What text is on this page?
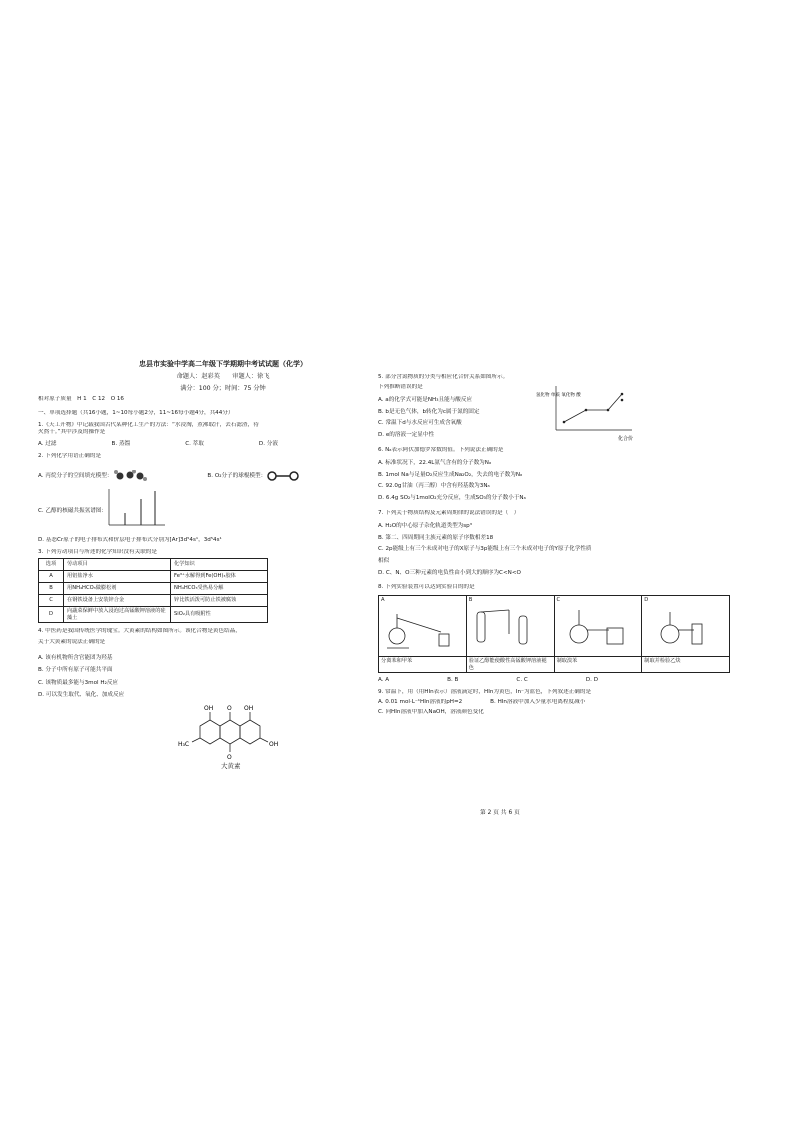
忠县市实验中学高二年级下学期期中考试试题（化学）
命题人：赵彩英　　审题人：徐飞
满分：100 分；时间：75 分钟
相对原子质量　H 1　C 12　O 16
一、单项选择题（共16小题，1~10每小题2分，11~16每小题4分，共44分）
1.《天工开物》中记载我国古代某种化工生产的方法：“水浸淘，煮沸取汁，去石滤渣，待
火熬干。”其中涉及的操作是
A. 过滤	B. 蒸馏	C. 萃取	D. 分液
2. 下列化学用语正确的是
A. 丙烷分子的空间填充模型：	B. O₂分子的球棍模型：
C. 乙醇的核磁共振氢谱图：
D. 基态Cr原子的电子排布式和价层电子排布式分别为[Ar]3d⁵4s¹，3d⁵4s¹
3. 下列劳动项目与所述的化学知识没有关联的是
选项	劳动项目	化学知识
A	用铝盐净水	Fe³⁺水解得到Fe(OH)₃胶体
B	用NH₄HCO₃做膨松剂	NH₄HCO₃受热易分解
C	在钢铁设备上安装锌合金	锌比铁活泼可防止铁被腐蚀
D	向蔬菜保鲜中放入浸泡过高锰酸钾溶液的硅藻土	SiO₂具有吸附性
4. 中医药是我国传统医学的瑰宝。大黄素的结构如图所示。该化合物是黄色结晶，
关于大黄素的说法正确的是
A. 该有机物所含官能团为羟基
B. 分子中所有原子可能共平面
C. 该物质最多能与3mol H₂反应
D. 可以发生取代、氧化、加成反应
OH O OH
H₃C	OH
O
大黄素
5. 部分含氮物质的分类与相应化合价关系如图所示。
下列推断错误的是
A. a的化学式可能是NH₃且能与酸反应
B. b是无色气体，b转化为c属于氮的固定
C. 常温下d与水反应可生成含氧酸
D. e的溶液一定显中性
氢化物 单质 氧化物 酸
化合价
6. Nₐ表示阿伏加德罗常数的值。下列说法正确的是
A. 标准状况下，22.4L氨气含有的分子数为Nₐ
B. 1mol Na与足量O₂反应生成Na₂O₂，失去的电子数为Nₐ
C. 92.0g甘油（丙三醇）中含有羟基数为3Nₐ
D. 6.4g SO₂与1molO₂充分反应，生成SO₃的分子数小于Nₐ
7. 下列关于物质结构及元素周期律的说法错误的是（　）
A. H₂O的中心原子杂化轨道类型为sp³
B. 第二、四周期同主族元素的原子序数相差18
C. 2p能级上有三个未成对电子的X原子与3p能级上有三个未成对电子的Y原子化学性质
相似
D. C、N、O三种元素的电负性由小到大的顺序为C<N<O
8. 下列实验装置可以达到实验目的的是
A	B	C	D

分离苯和甲苯	验证乙醇能使酸性高锰酸钾溶液褪色	制取溴苯	制取并检验乙炔
A. A	B. B	C. C	D. D
9. 常温下，用（用HIn表示）溶液滴定时，HIn为黄色，In⁻为蓝色，下列叙述正确的是
A. 0.01 mol·L⁻¹HIn溶液的pH=2　　　　　B. HIn溶液中加入少量水电离程度减小
C. 向HIn溶液中加入NaOH，溶液颜色变化
第 2 页 共 6 页
